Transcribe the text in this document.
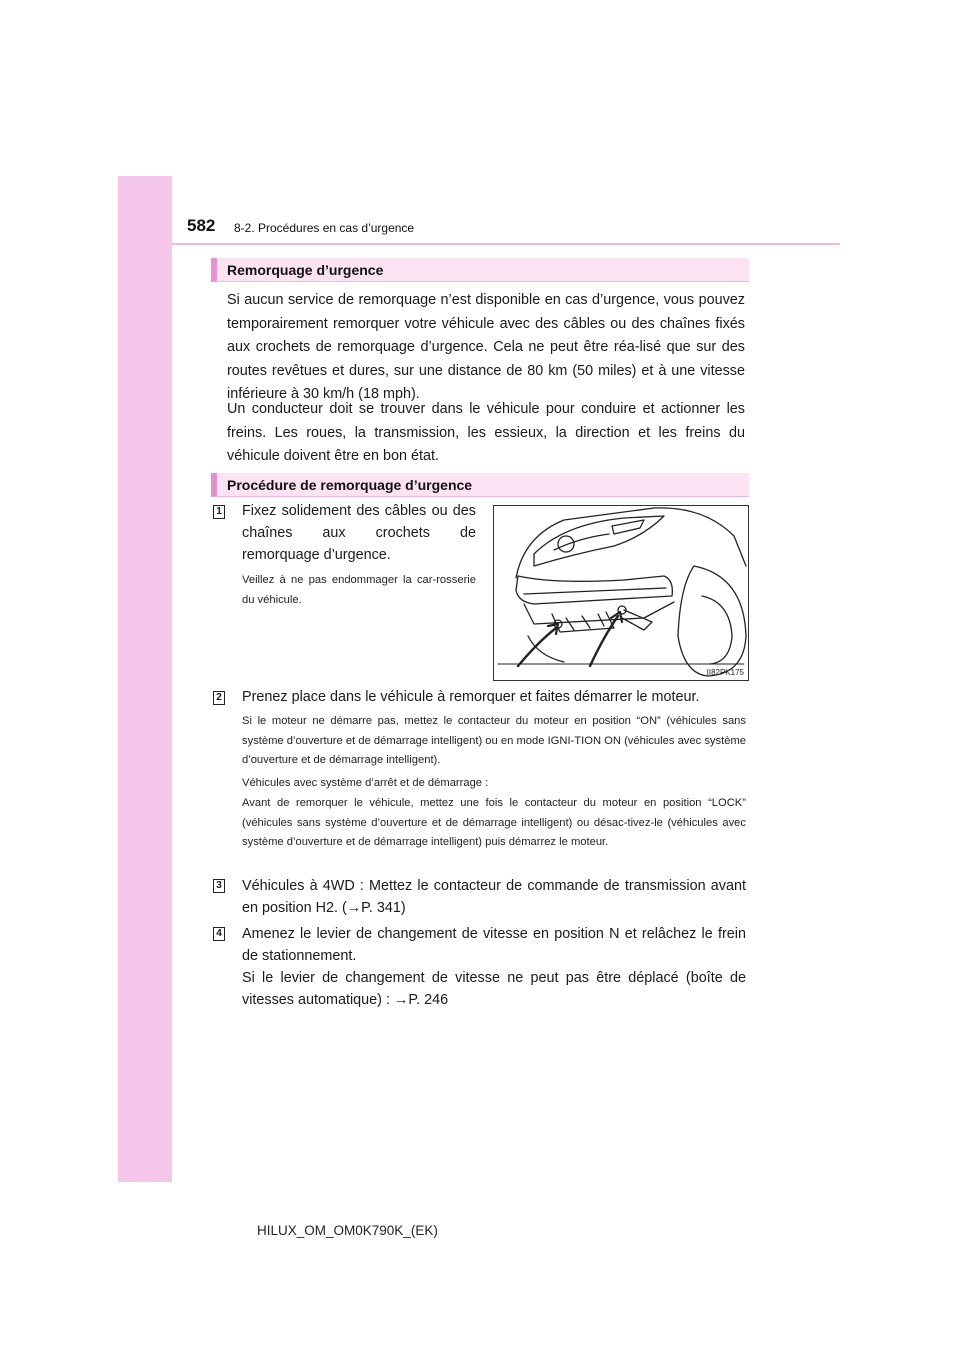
582 8-2. Procédures en cas d’urgence
Remorquage d’urgence

Si aucun service de remorquage n’est disponible en cas d’urgence, vous pouvez temporairement remorquer votre véhicule avec des câbles ou des chaînes fixés aux crochets de remorquage d’urgence. Cela ne peut être réa-lisé que sur des routes revêtues et dures, sur une distance de 80 km (50 miles) et à une vitesse inférieure à 30 km/h (18 mph).

Un conducteur doit se trouver dans le véhicule pour conduire et actionner les freins. Les roues, la transmission, les essieux, la direction et les freins du véhicule doivent être en bon état.

Procédure de remorquage d’urgence
1 Fixez solidement des câbles ou des chaînes aux crochets de remorquage d’urgence.

Veillez à ne pas endommager la car-rosserie du véhicule.

II82PK175
2 Prenez place dans le véhicule à remorquer et faites démarrer le moteur.

Si le moteur ne démarre pas, mettez le contacteur du moteur en position “ON” (véhicules sans système d’ouverture et de démarrage intelligent) ou en mode IGNI-TION ON (véhicules avec système d’ouverture et de démarrage intelligent).

Véhicules avec système d’arrêt et de démarrage :

Avant de remorquer le véhicule, mettez une fois le contacteur du moteur en position “LOCK” (véhicules sans système d’ouverture et de démarrage intelligent) ou désac-tivez-le (véhicules avec système d’ouverture et de démarrage intelligent) puis démarrez le moteur.

3 Véhicules à 4WD : Mettez le contacteur de commande de transmission avant en position H2. (→P. 341)

4 Amenez le levier de changement de vitesse en position N et relâchez le frein de stationnement.

Si le levier de changement de vitesse ne peut pas être déplacé (boîte de vitesses automatique) : →P. 246

HILUX_OM_OM0K790K_(EK)
